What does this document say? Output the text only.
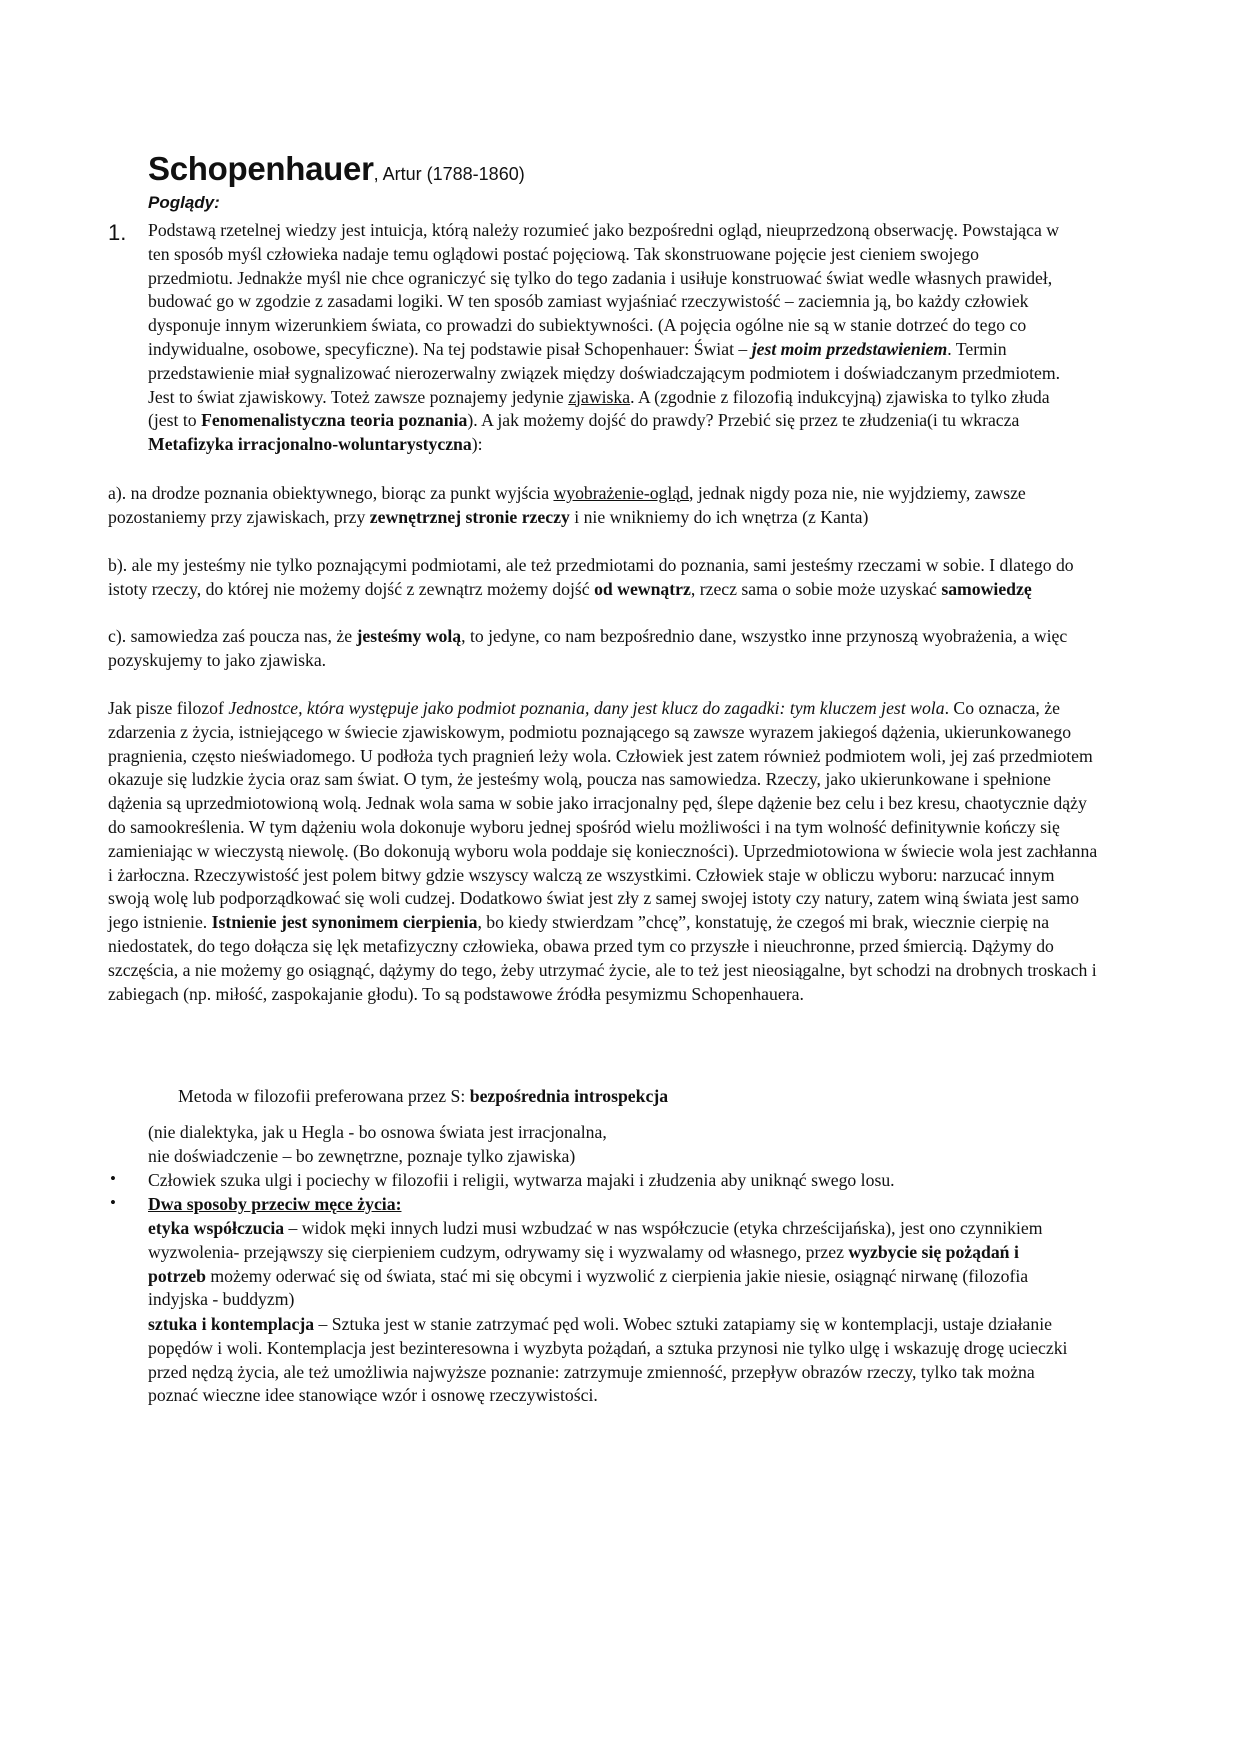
Schopenhauer, Artur (1788-1860)
Poglądy:
1. Podstawą rzetelnej wiedzy jest intuicja, którą należy rozumieć jako bezpośredni ogląd, nieuprzedzoną obserwację. Powstająca w ten sposób myśl człowieka nadaje temu oglądowi postać pojęciową. Tak skonstruowane pojęcie jest cieniem swojego przedmiotu. Jednakże myśl nie chce ograniczyć się tylko do tego zadania i usiłuje konstruować świat wedle własnych prawideł, budować go w zgodzie z zasadami logiki. W ten sposób zamiast wyjaśniać rzeczywistość – zaciemnia ją, bo każdy człowiek dysponuje innym wizerunkiem świata, co prowadzi do subiektywności. (A pojęcia ogólne nie są w stanie dotrzeć do tego co indywidualne, osobowe, specyficzne). Na tej podstawie pisał Schopenhauer: Świat – jest moim przedstawieniem. Termin przedstawienie miał sygnalizować nierozerwalny związek między doświadczającym podmiotem i doświadczanym przedmiotem. Jest to świat zjawiskowy. Toteż zawsze poznajemy jedynie zjawiska. A (zgodnie z filozofią indukcyjną) zjawiska to tylko złuda (jest to Fenomenalistyczna teoria poznania). A jak możemy dojść do prawdy? Przebić się przez te złudzenia(i tu wkracza Metafizyka irracjonalno-woluntarystyczna):
a). na drodze poznania obiektywnego, biorąc za punkt wyjścia wyobrażenie-ogląd, jednak nigdy poza nie, nie wyjdziemy, zawsze pozostaniemy przy zjawiskach, przy zewnętrznej stronie rzeczy i nie wnikniemy do ich wnętrza (z Kanta)
b). ale my jesteśmy nie tylko poznającymi podmiotami, ale też przedmiotami do poznania, sami jesteśmy rzeczami w sobie. I dlatego do istoty rzeczy, do której nie możemy dojść z zewnątrz możemy dojść od wewnątrz, rzecz sama o sobie może uzyskać samowiedzę
c). samowiedza zaś poucza nas, że jesteśmy wolą, to jedyne, co nam bezpośrednio dane, wszystko inne przynoszą wyobrażenia, a więc pozyskujemy to jako zjawiska.
Jak pisze filozof Jednostce, która występuje jako podmiot poznania, dany jest klucz do zagadki: tym kluczem jest wola. Co oznacza, że zdarzenia z życia, istniejącego w świecie zjawiskowym, podmiotu poznającego są zawsze wyrazem jakiegoś dążenia, ukierunkowanego pragnienia, często nieświadomego. U podłoża tych pragnień leży wola. Człowiek jest zatem również podmiotem woli, jej zaś przedmiotem okazuje się ludzkie życia oraz sam świat. O tym, że jesteśmy wolą, poucza nas samowiedza. Rzeczy, jako ukierunkowane i spełnione dążenia są uprzedmiotowioną wolą. Jednak wola sama w sobie jako irracjonalny pęd, ślepe dążenie bez celu i bez kresu, chaotycznie dąży do samookreślenia. W tym dążeniu wola dokonuje wyboru jednej spośród wielu możliwości i na tym wolność definitywnie kończy się zamieniając w wieczystą niewolę. (Bo dokonują wyboru wola poddaje się konieczności). Uprzedmiotowiona w świecie wola jest zachłanna i żarłoczna. Rzeczywistość jest polem bitwy gdzie wszyscy walczą ze wszystkimi. Człowiek staje w obliczu wyboru: narzucać innym swoją wolę lub podporządkować się woli cudzej. Dodatkowo świat jest zły z samej swojej istoty czy natury, zatem winą świata jest samo jego istnienie. Istnienie jest synonimem cierpienia, bo kiedy stwierdzam ”chcę”, konstatuję, że czegoś mi brak, wiecznie cierpię na niedostatek, do tego dołącza się lęk metafizyczny człowieka, obawa przed tym co przyszłe i nieuchronne, przed śmiercią. Dążymy do szczęścia, a nie możemy go osiągnąć, dążymy do tego, żeby utrzymać życie, ale to też jest nieosiągalne, byt schodzi na drobnych troskach i zabiegach (np. miłość, zaspokajanie głodu). To są podstawowe źródła pesymizmu Schopenhauera.
Metoda w filozofii preferowana przez S: bezpośrednia introspekcja
(nie dialektyka, jak u Hegla - bo osnowa świata jest irracjonalna,
nie doświadczenie – bo zewnętrzne, poznaje tylko zjawiska)
• Człowiek szuka ulgi i pociechy w filozofii i religii, wytwarza majaki i złudzenia aby uniknąć swego losu.
• Dwa sposoby przeciw męce życia:
etyka współczucia – widok męki innych ludzi musi wzbudzać w nas współczucie (etyka chrześcijańska), jest ono czynnikiem wyzwolenia- przejąwszy się cierpieniem cudzym, odrywamy się i wyzwalamy od własnego, przez wyzbycie się pożądań i potrzeb możemy oderwać się od świata, stać mi się obcymi i wyzwolić z cierpienia jakie niesie, osiągnąć nirwanę (filozofia indyjska - buddyzm)
sztuka i kontemplacja – Sztuka jest w stanie zatrzymać pęd woli. Wobec sztuki zatapiamy się w kontemplacji, ustaje działanie popędów i woli. Kontemplacja jest bezinteresowna i wyzbyta pożądań, a sztuka przynosi nie tylko ulgę i wskazuję drogę ucieczki przed nędzą życia, ale też umożliwia najwyższe poznanie: zatrzymuje zmienność, przepływ obrazów rzeczy, tylko tak można poznać wieczne idee stanowiące wzór i osnowę rzeczywistości.
